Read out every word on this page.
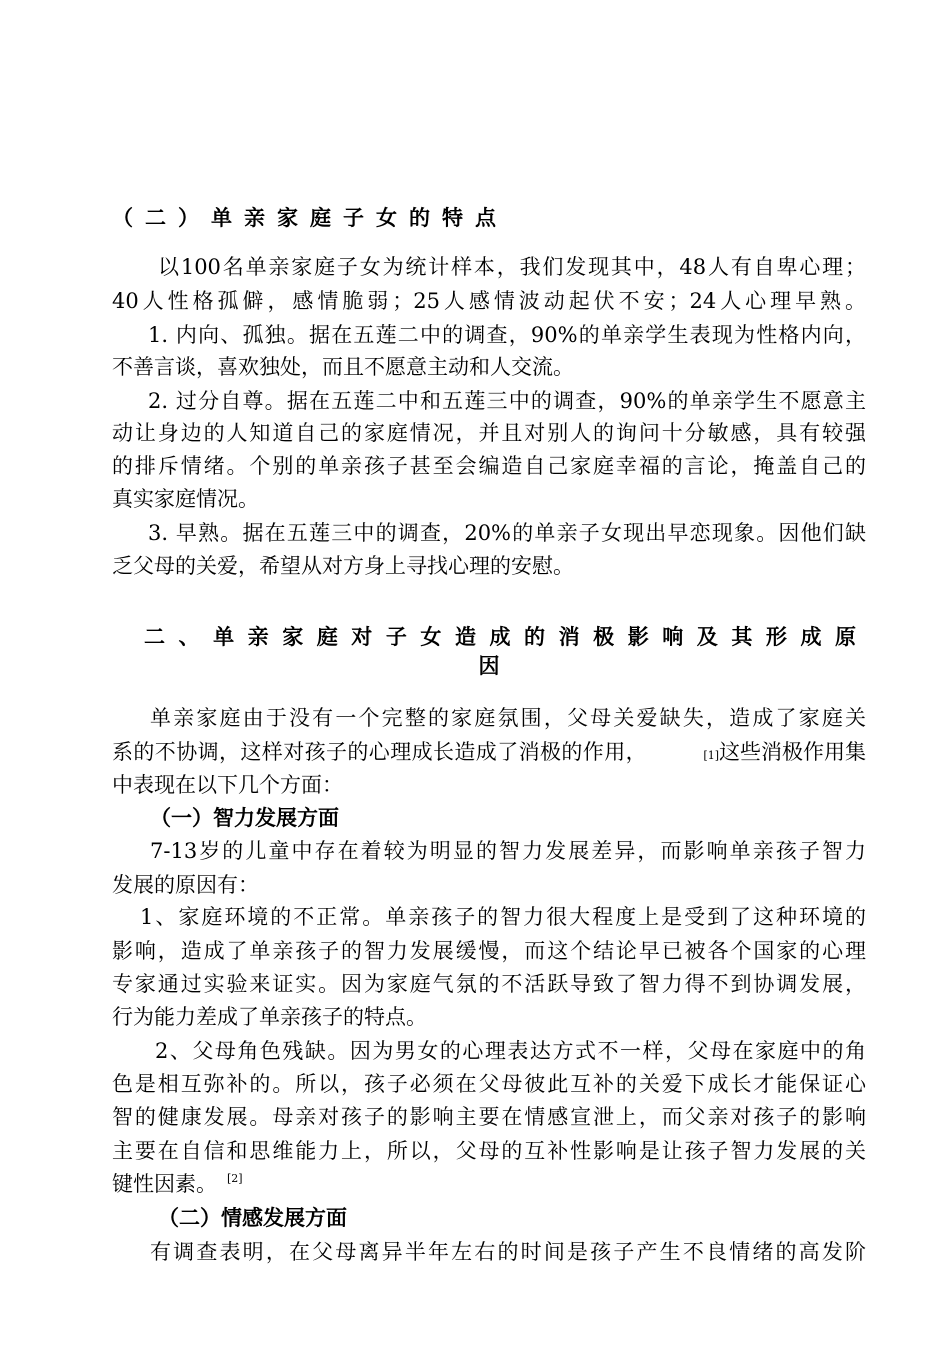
（二）单亲家庭子女的特点
以100名单亲家庭子女为统计样本，我们发现其中，48人有自卑心理；
40人性格孤僻，感情脆弱；25人感情波动起伏不安；24人心理早熟。
1. 内向、孤独。据在五莲二中的调查，90%的单亲学生表现为性格内向，
不善言谈，喜欢独处，而且不愿意主动和人交流。
2. 过分自尊。据在五莲二中和五莲三中的调查，90%的单亲学生不愿意主
动让身边的人知道自己的家庭情况，并且对别人的询问十分敏感，具有较强
的排斥情绪。个别的单亲孩子甚至会编造自己家庭幸福的言论，掩盖自己的
真实家庭情况。
3. 早熟。据在五莲三中的调查，20%的单亲子女现出早恋现象。因他们缺
乏父母的关爱，希望从对方身上寻找心理的安慰。
二、单亲家庭对子女造成的消极影响及其形成原
因
单亲家庭由于没有一个完整的家庭氛围，父母关爱缺失，造成了家庭关
系的不协调，这样对孩子的心理成长造成了消极的作用，	[1] 这些消极作用集
中表现在以下几个方面：
（一）智力发展方面
7-13岁的儿童中存在着较为明显的智力发展差异，而影响单亲孩子智力
发展的原因有：
1、家庭环境的不正常。单亲孩子的智力很大程度上是受到了这种环境的
影响，造成了单亲孩子的智力发展缓慢，而这个结论早已被各个国家的心理
专家通过实验来证实。因为家庭气氛的不活跃导致了智力得不到协调发展，
行为能力差成了单亲孩子的特点。
2、父母角色残缺。因为男女的心理表达方式不一样，父母在家庭中的角
色是相互弥补的。所以，孩子必须在父母彼此互补的关爱下成长才能保证心
智的健康发展。母亲对孩子的影响主要在情感宣泄上，而父亲对孩子的影响
主要在自信和思维能力上，所以，父母的互补性影响是让孩子智力发展的关
键性因素。 [2]
（二）情感发展方面
有调查表明，在父母离异半年左右的时间是孩子产生不良情绪的高发阶
